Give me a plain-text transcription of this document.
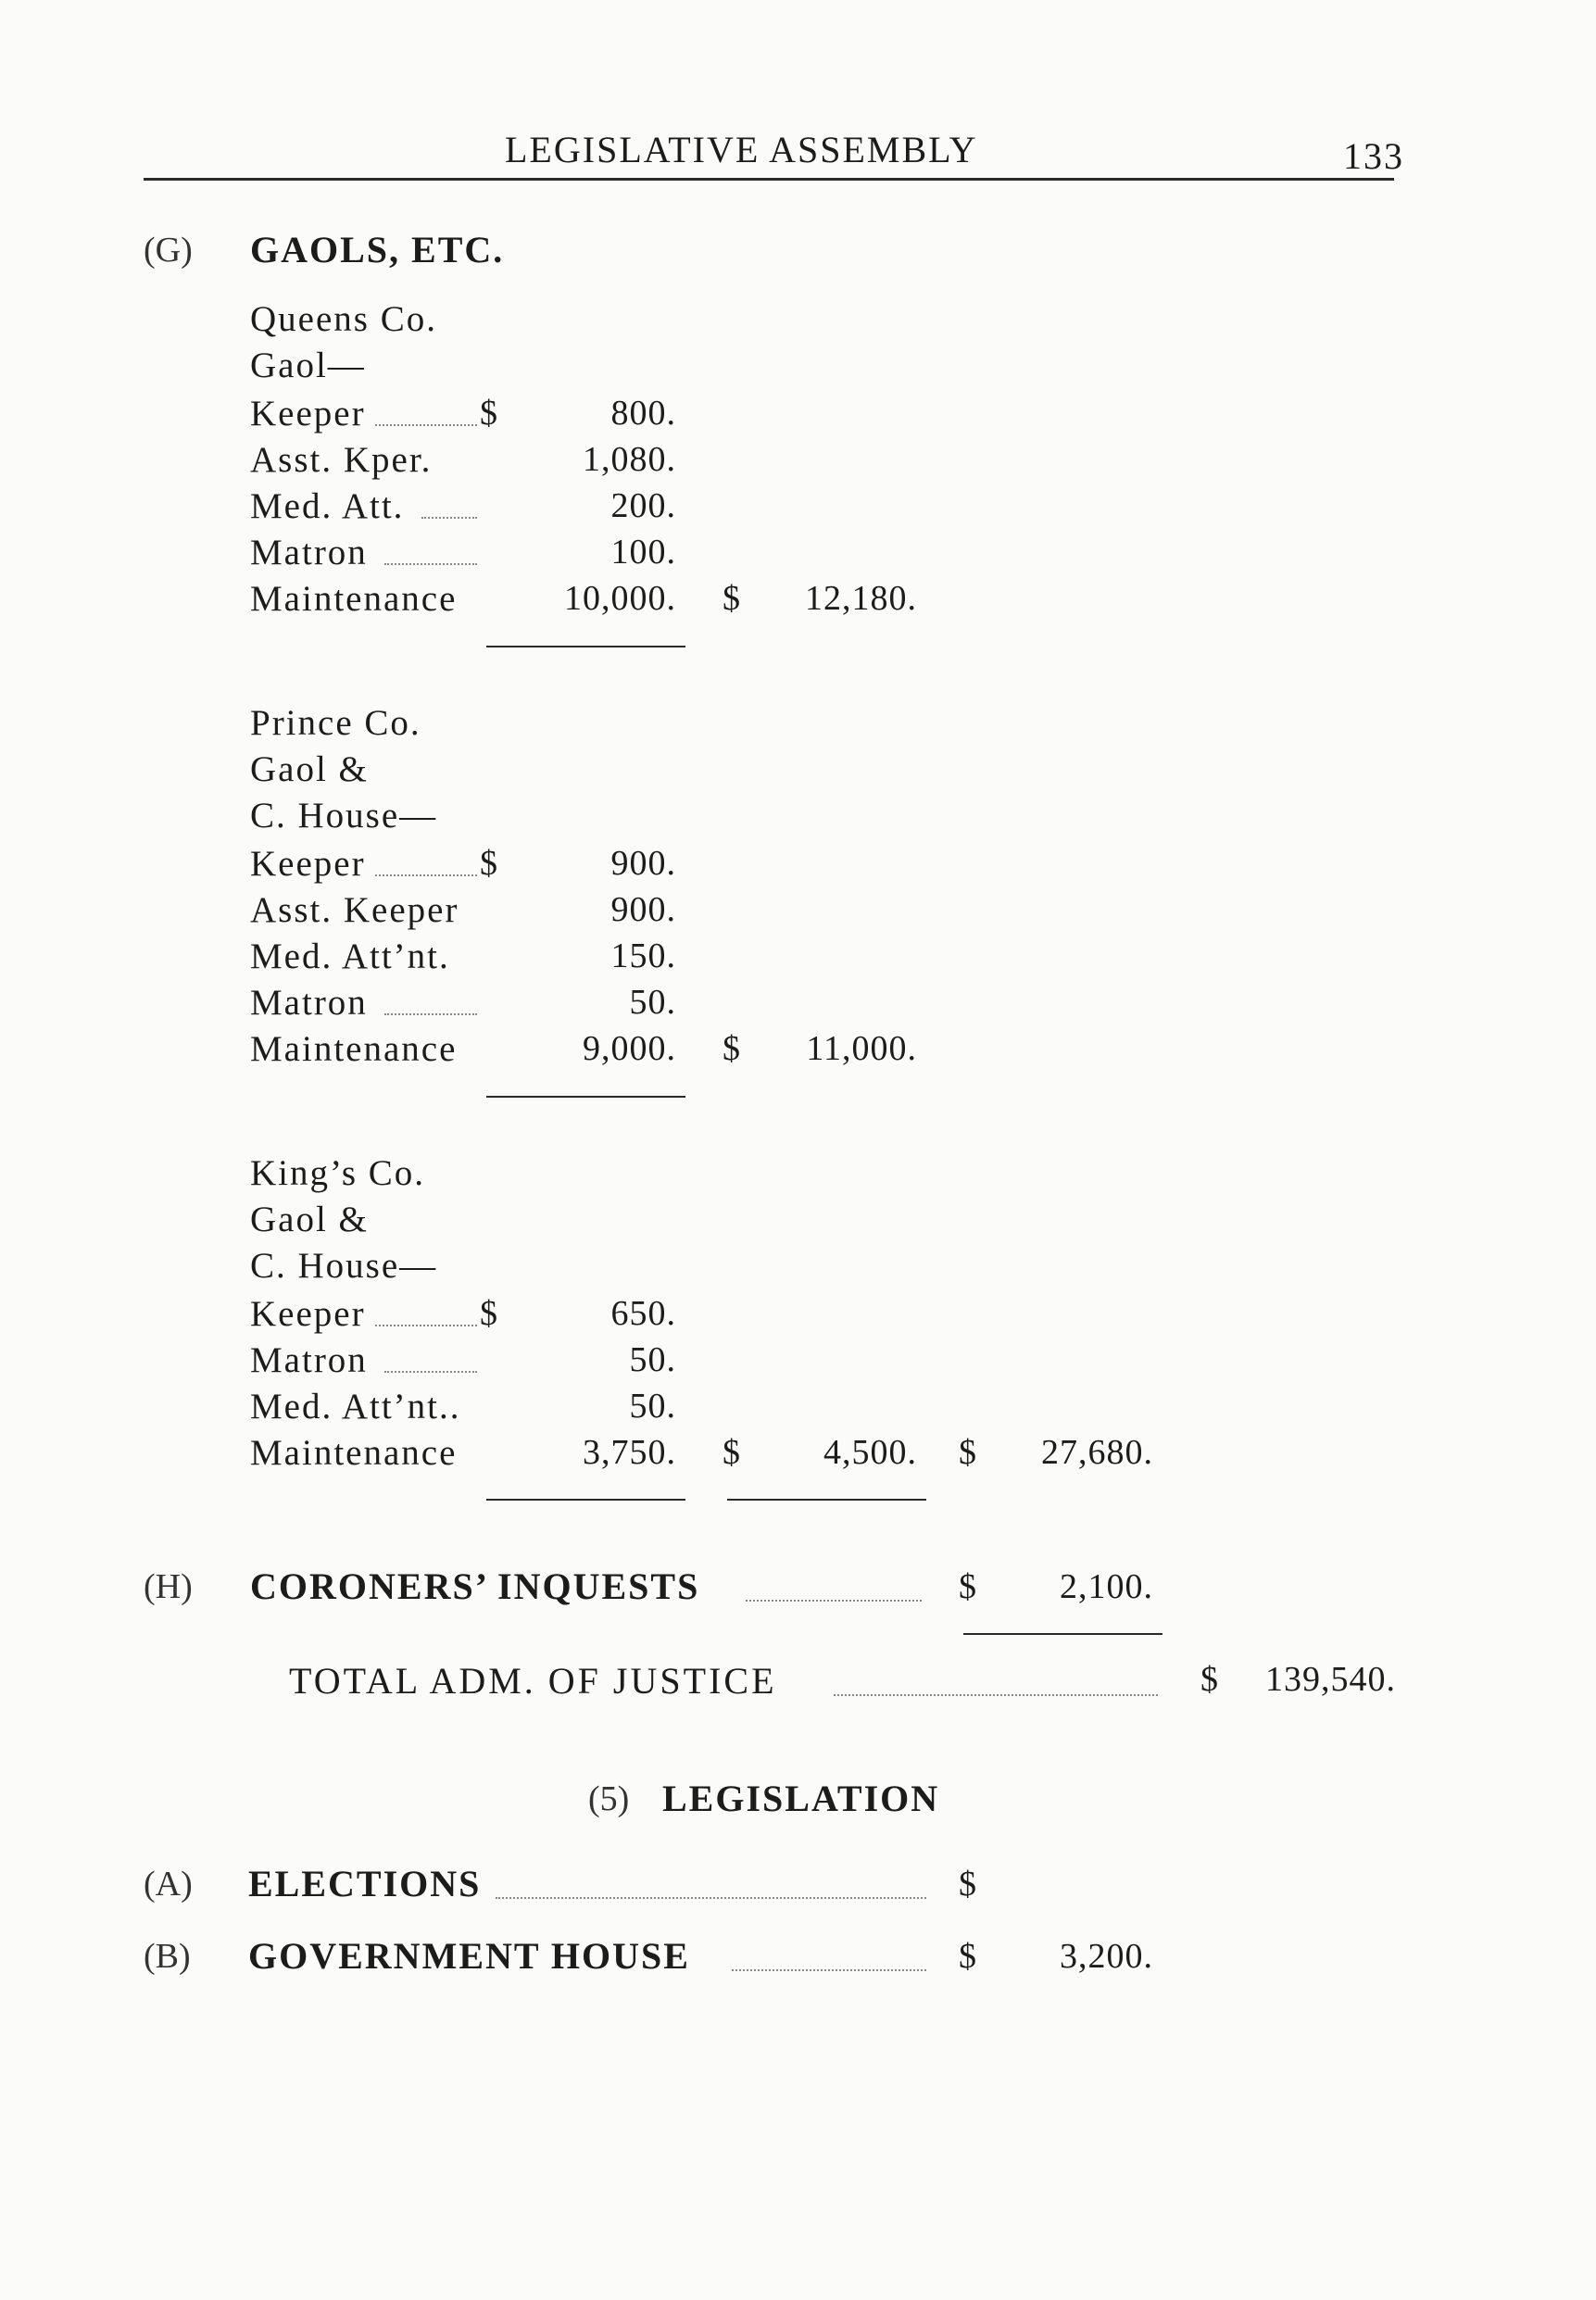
LEGISLATIVE ASSEMBLY	133
(G) GAOLS, ETC.
Queens Co.
Gaol—
Keeper	$	800.
Asst. Kper.	1,080.
Med. Att.	200.
Matron	100.
Maintenance	10,000. $	12,180.
Prince Co.
Gaol &
C. House—
Keeper	$	900.
Asst. Keeper	900.
Med. Att’nt.	150.
Matron	50.
Maintenance	9,000. $	11,000.
King’s Co.
Gaol &
C. House—
Keeper	$	650.
Matron	50.
Med. Att’nt..	50.
Maintenance	3,750. $	4,500. $	27,680.
(H) CORONERS’ INQUESTS	$	2,100.
TOTAL ADM. OF JUSTICE	$	139,540.
(5) LEGISLATION
(A) ELECTIONS	$
(B) GOVERNMENT HOUSE	$	3,200.
